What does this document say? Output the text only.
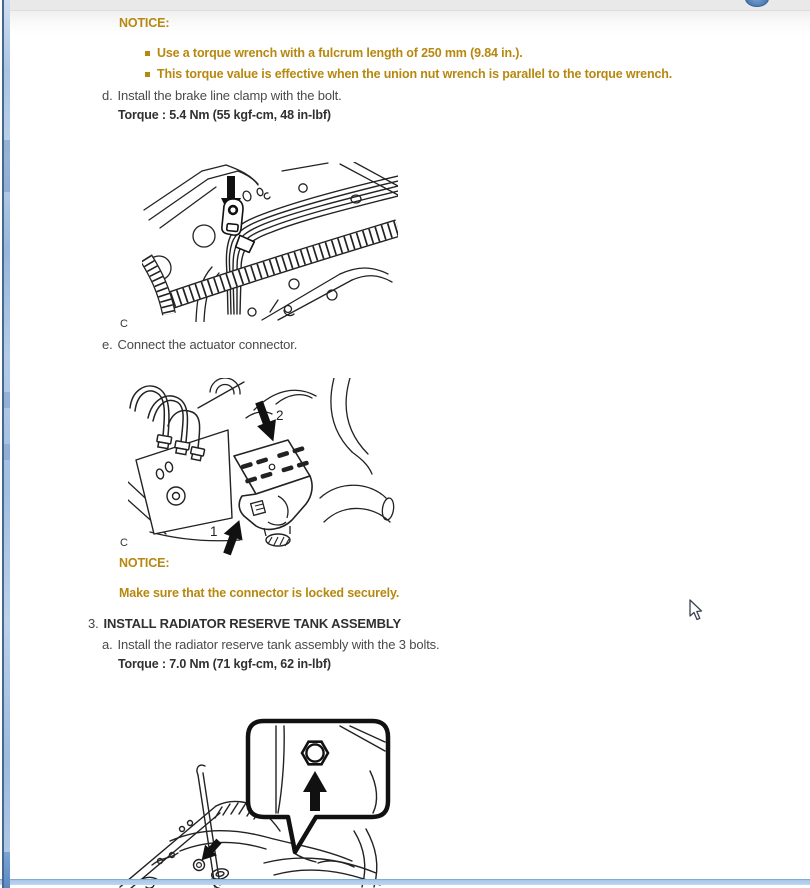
NOTICE:
Use a torque wrench with a fulcrum length of 250 mm (9.84 in.).
This torque value is effective when the union nut wrench is parallel to the torque wrench.
d. Install the brake line clamp with the bolt.
Torque : 5.4 Nm (55 kgf-cm, 48 in-lbf)
C
e. Connect the actuator connector.
2
1
C
NOTICE:
Make sure that the connector is locked securely.
3. INSTALL RADIATOR RESERVE TANK ASSEMBLY
a. Install the radiator reserve tank assembly with the 3 bolts.
Torque : 7.0 Nm (71 kgf-cm, 62 in-lbf)
